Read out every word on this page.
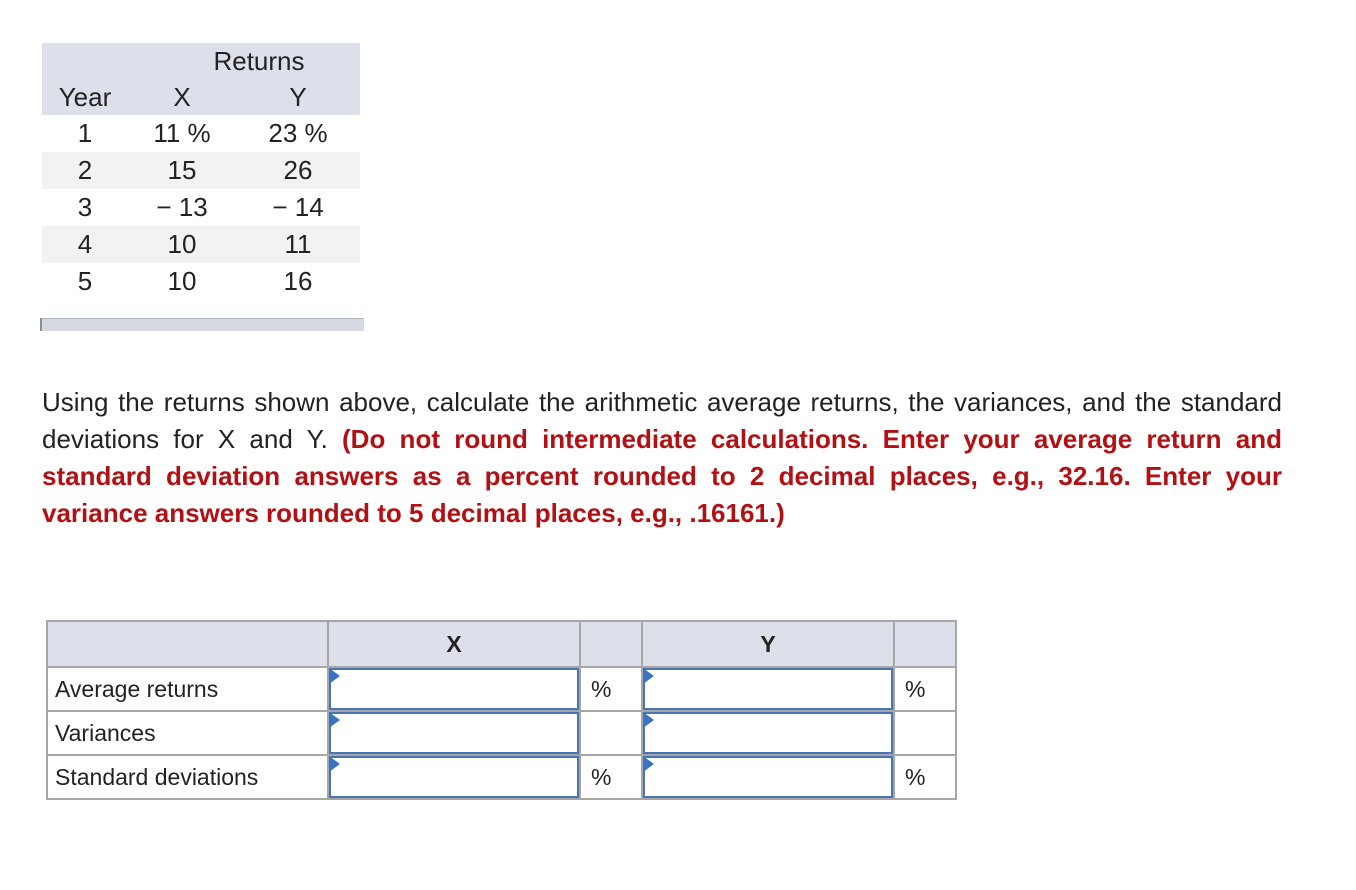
	Returns	
Year	X	Y
1	11 %	23 %
2	15	26
3	− 13	− 14
4	10	11
5	10	16
Using the returns shown above, calculate the arithmetic average returns, the variances, and the standard deviations for X and Y. (Do not round intermediate calculations. Enter your average return and standard deviation answers as a percent rounded to 2 decimal places, e.g., 32.16. Enter your variance answers rounded to 5 decimal places, e.g., .16161.)
	X		Y	
Average returns		%		%
Variances	

Standard deviations		%		%
